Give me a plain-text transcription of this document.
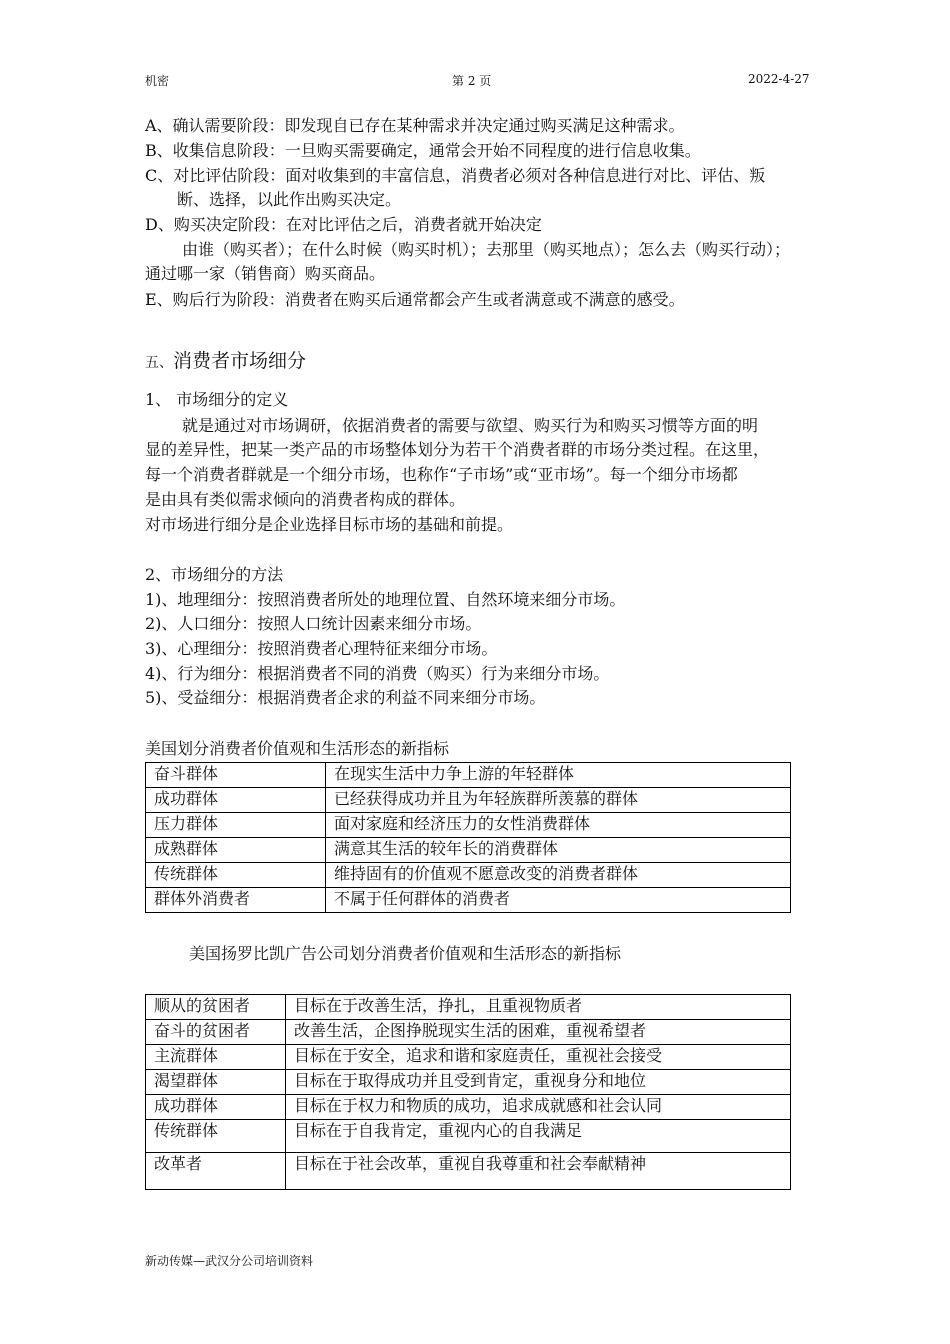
机密	第 2 页	2022-4-27
A、确认需要阶段：即发现自已存在某种需求并决定通过购买满足这种需求。
B、收集信息阶段：一旦购买需要确定，通常会开始不同程度的进行信息收集。
C、对比评估阶段：面对收集到的丰富信息，消费者必须对各种信息进行对比、评估、叛
断、选择，以此作出购买决定。
D、购买决定阶段：在对比评估之后，消费者就开始决定
由谁（购买者）；在什么时候（购买时机）；去那里（购买地点）；怎么去（购买行动）；
通过哪一家（销售商）购买商品。
E、购后行为阶段：消费者在购买后通常都会产生或者满意或不满意的感受。
五、消费者市场细分
1、 市场细分的定义
就是通过对市场调研，依据消费者的需要与欲望、购买行为和购买习惯等方面的明
显的差异性，把某一类产品的市场整体划分为若干个消费者群的市场分类过程。在这里，
每一个消费者群就是一个细分市场，也称作“子市场”或“亚市场”。每一个细分市场都
是由具有类似需求倾向的消费者构成的群体。
对市场进行细分是企业选择目标市场的基础和前提。
2、市场细分的方法
1)、地理细分：按照消费者所处的地理位置、自然环境来细分市场。
2)、人口细分：按照人口统计因素来细分市场。
3)、心理细分：按照消费者心理特征来细分市场。
4)、行为细分：根据消费者不同的消费（购买）行为来细分市场。
5)、受益细分：根据消费者企求的利益不同来细分市场。
美国划分消费者价值观和生活形态的新指标
奋斗群体	在现实生活中力争上游的年轻群体
成功群体	已经获得成功并且为年轻族群所羡慕的群体
压力群体	面对家庭和经济压力的女性消费群体
成熟群体	满意其生活的较年长的消费群体
传统群体	维持固有的价值观不愿意改变的消费者群体
群体外消费者	不属于任何群体的消费者
美国扬罗比凯广告公司划分消费者价值观和生活形态的新指标
顺从的贫困者	目标在于改善生活，挣扎，且重视物质者
奋斗的贫困者	改善生活，企图挣脱现实生活的困难，重视希望者
主流群体	目标在于安全，追求和谐和家庭责任，重视社会接受
渴望群体	目标在于取得成功并且受到肯定，重视身分和地位
成功群体	目标在于权力和物质的成功，追求成就感和社会认同
传统群体	目标在于自我肯定，重视内心的自我满足
改革者	目标在于社会改革，重视自我尊重和社会奉献精神
新动传媒—武汉分公司培训资料
